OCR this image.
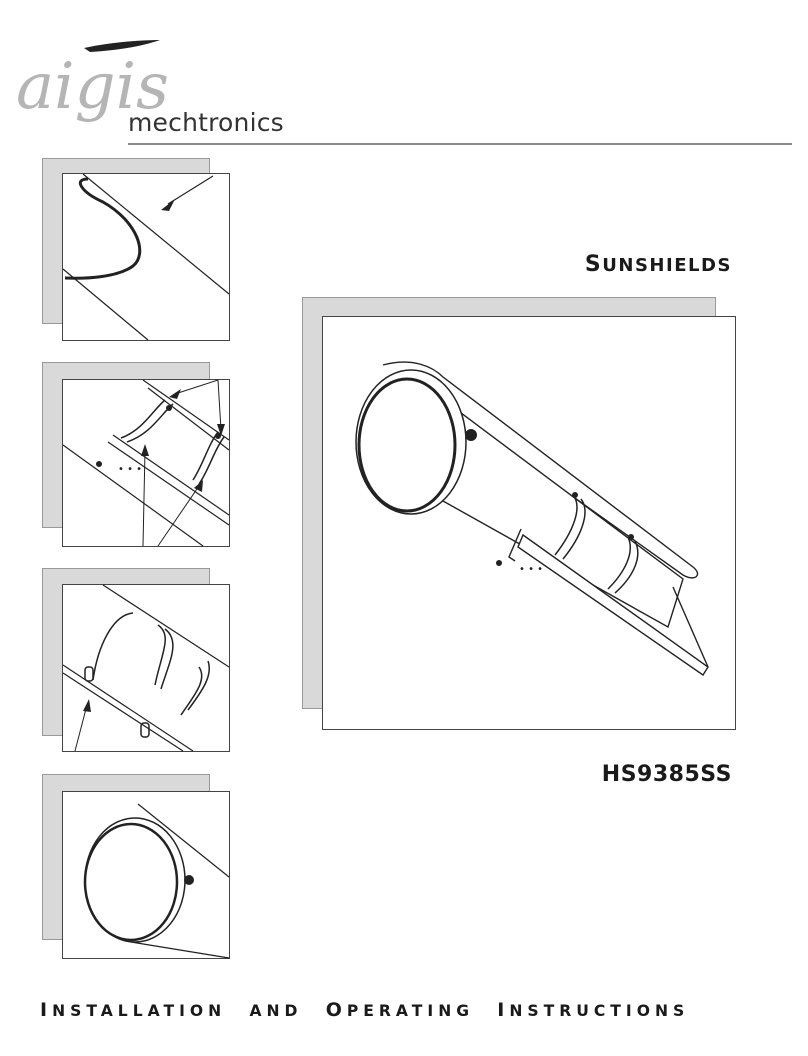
aigis
mechtronics
SUNSHIELDS
• • •
• • •
HS9385SS
INSTALLATION AND OPERATING INSTRUCTIONS
